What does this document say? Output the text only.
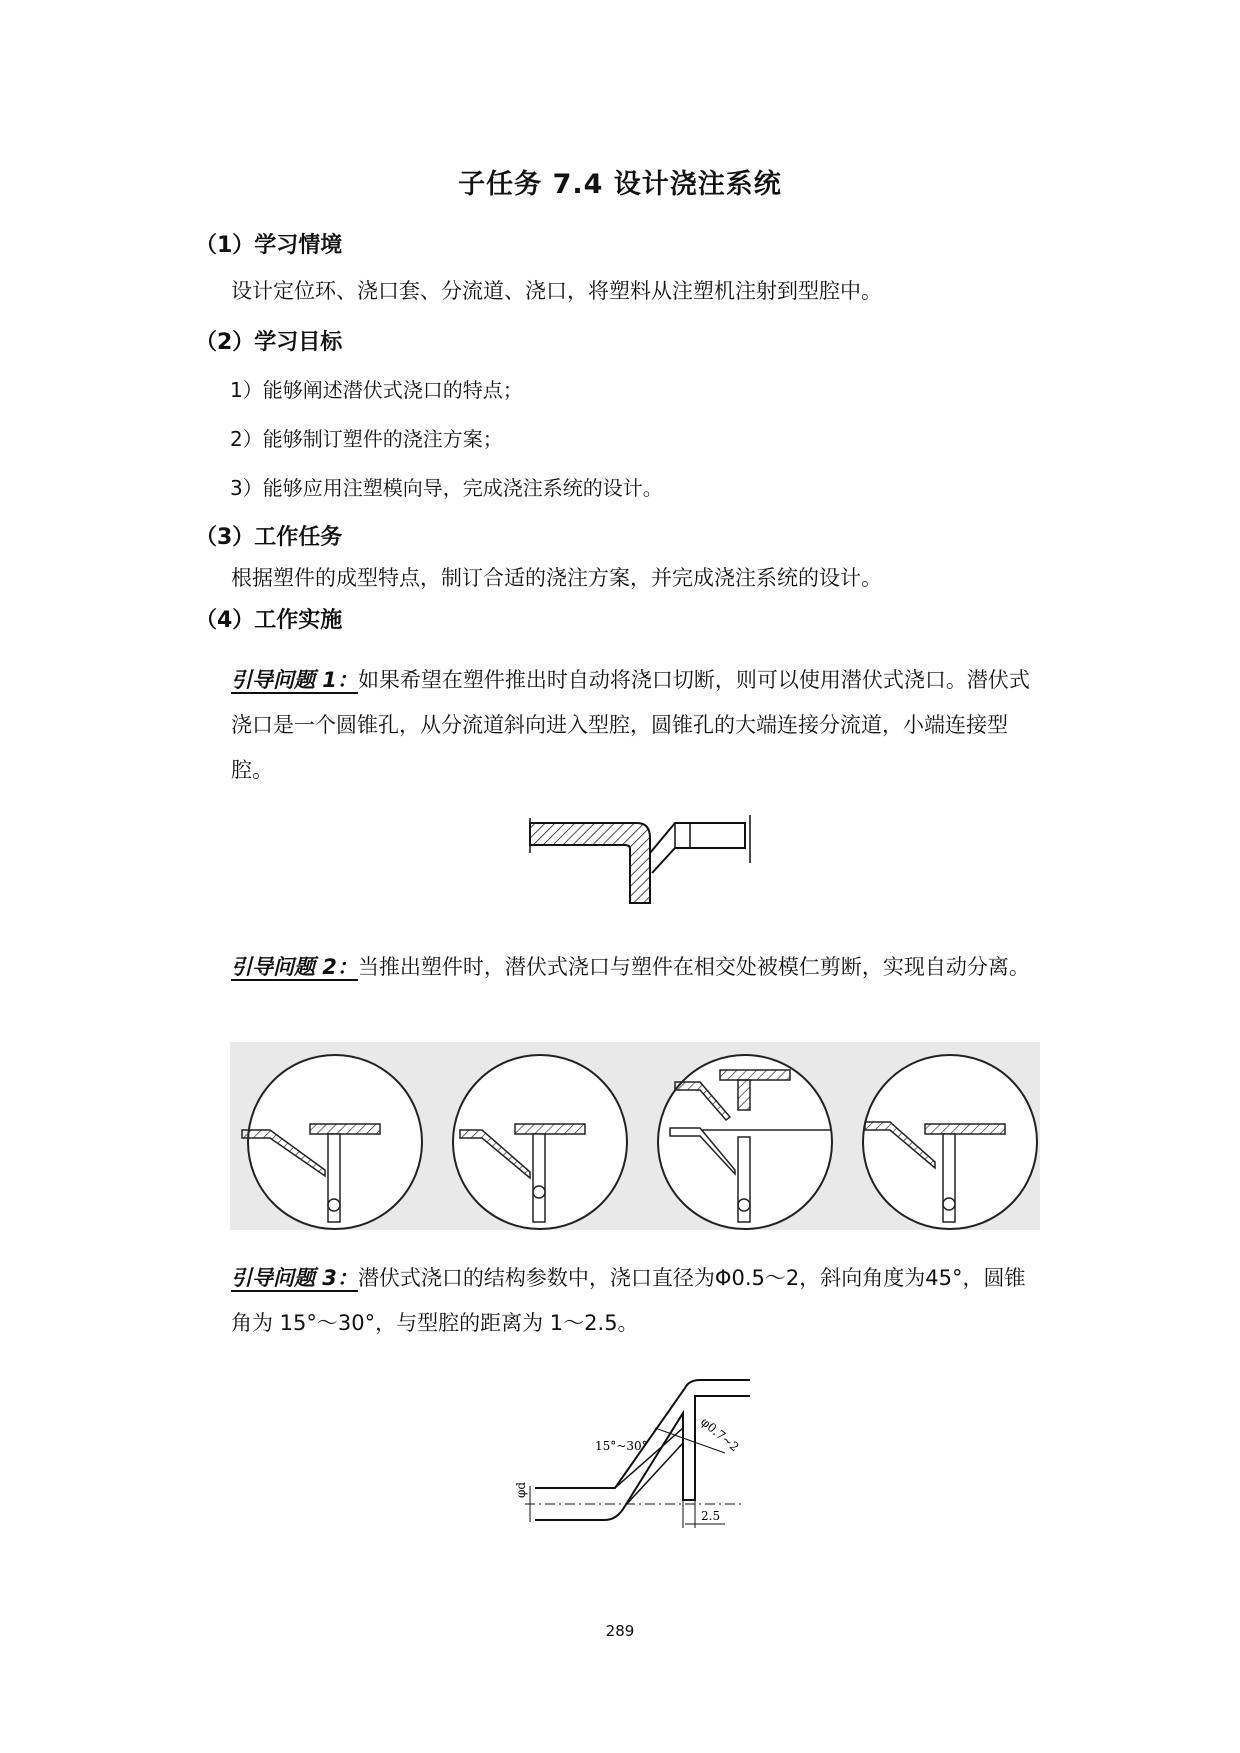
子任务 7.4 设计浇注系统
（1）学习情境
设计定位环、浇口套、分流道、浇口，将塑料从注塑机注射到型腔中。
（2）学习目标
1）能够阐述潜伏式浇口的特点；
2）能够制订塑件的浇注方案；
3）能够应用注塑模向导，完成浇注系统的设计。
（3）工作任务
根据塑件的成型特点，制订合适的浇注方案，并完成浇注系统的设计。
（4）工作实施
引导问题 1：如果希望在塑件推出时自动将浇口切断，则可以使用潜伏式浇口。潜伏式浇口是一个圆锥孔，从分流道斜向进入型腔，圆锥孔的大端连接分流道，小端连接型腔。
引导问题 2：当推出塑件时，潜伏式浇口与塑件在相交处被模仁剪断，实现自动分离。
引导问题 3：潜伏式浇口的结构参数中，浇口直径为Φ0.5～2，斜向角度为45°，圆锥角为 15°～30°，与型腔的距离为 1～2.5。
15°~30°	φ0.7~2
2.5
φd
289
